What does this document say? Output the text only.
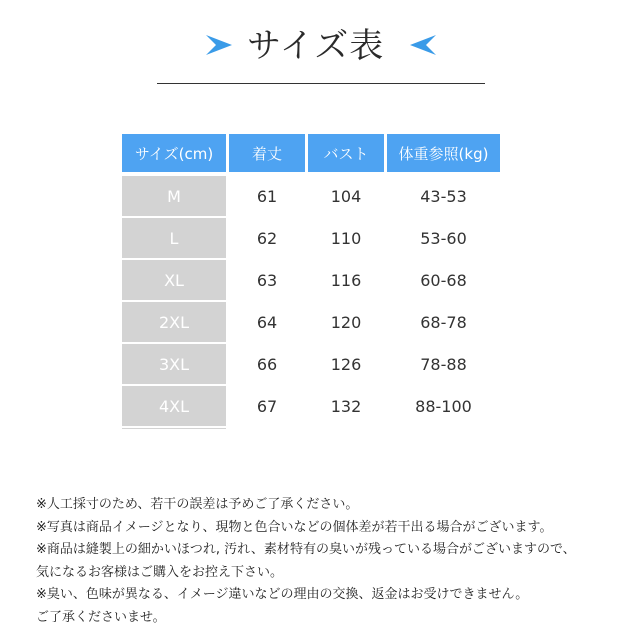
サイズ表
サイズ(cm)	着丈	バスト	体重参照(kg)
M	61	104	43-53
L	62	110	53-60
XL	63	116	60-68
2XL	64	120	68-78
3XL	66	126	78-88
4XL	67	132	88-100
※人工採寸のため、若干の誤差は予めご了承ください。
※写真は商品イメージとなり、現物と色合いなどの個体差が若干出る場合がございます。
※商品は縫製上の細かいほつれ, 汚れ、素材特有の臭いが残っている場合がございますので、
気になるお客様はご購入をお控え下さい。
※臭い、色味が異なる、イメージ違いなどの理由の交換、返金はお受けできません。
ご了承くださいませ。
